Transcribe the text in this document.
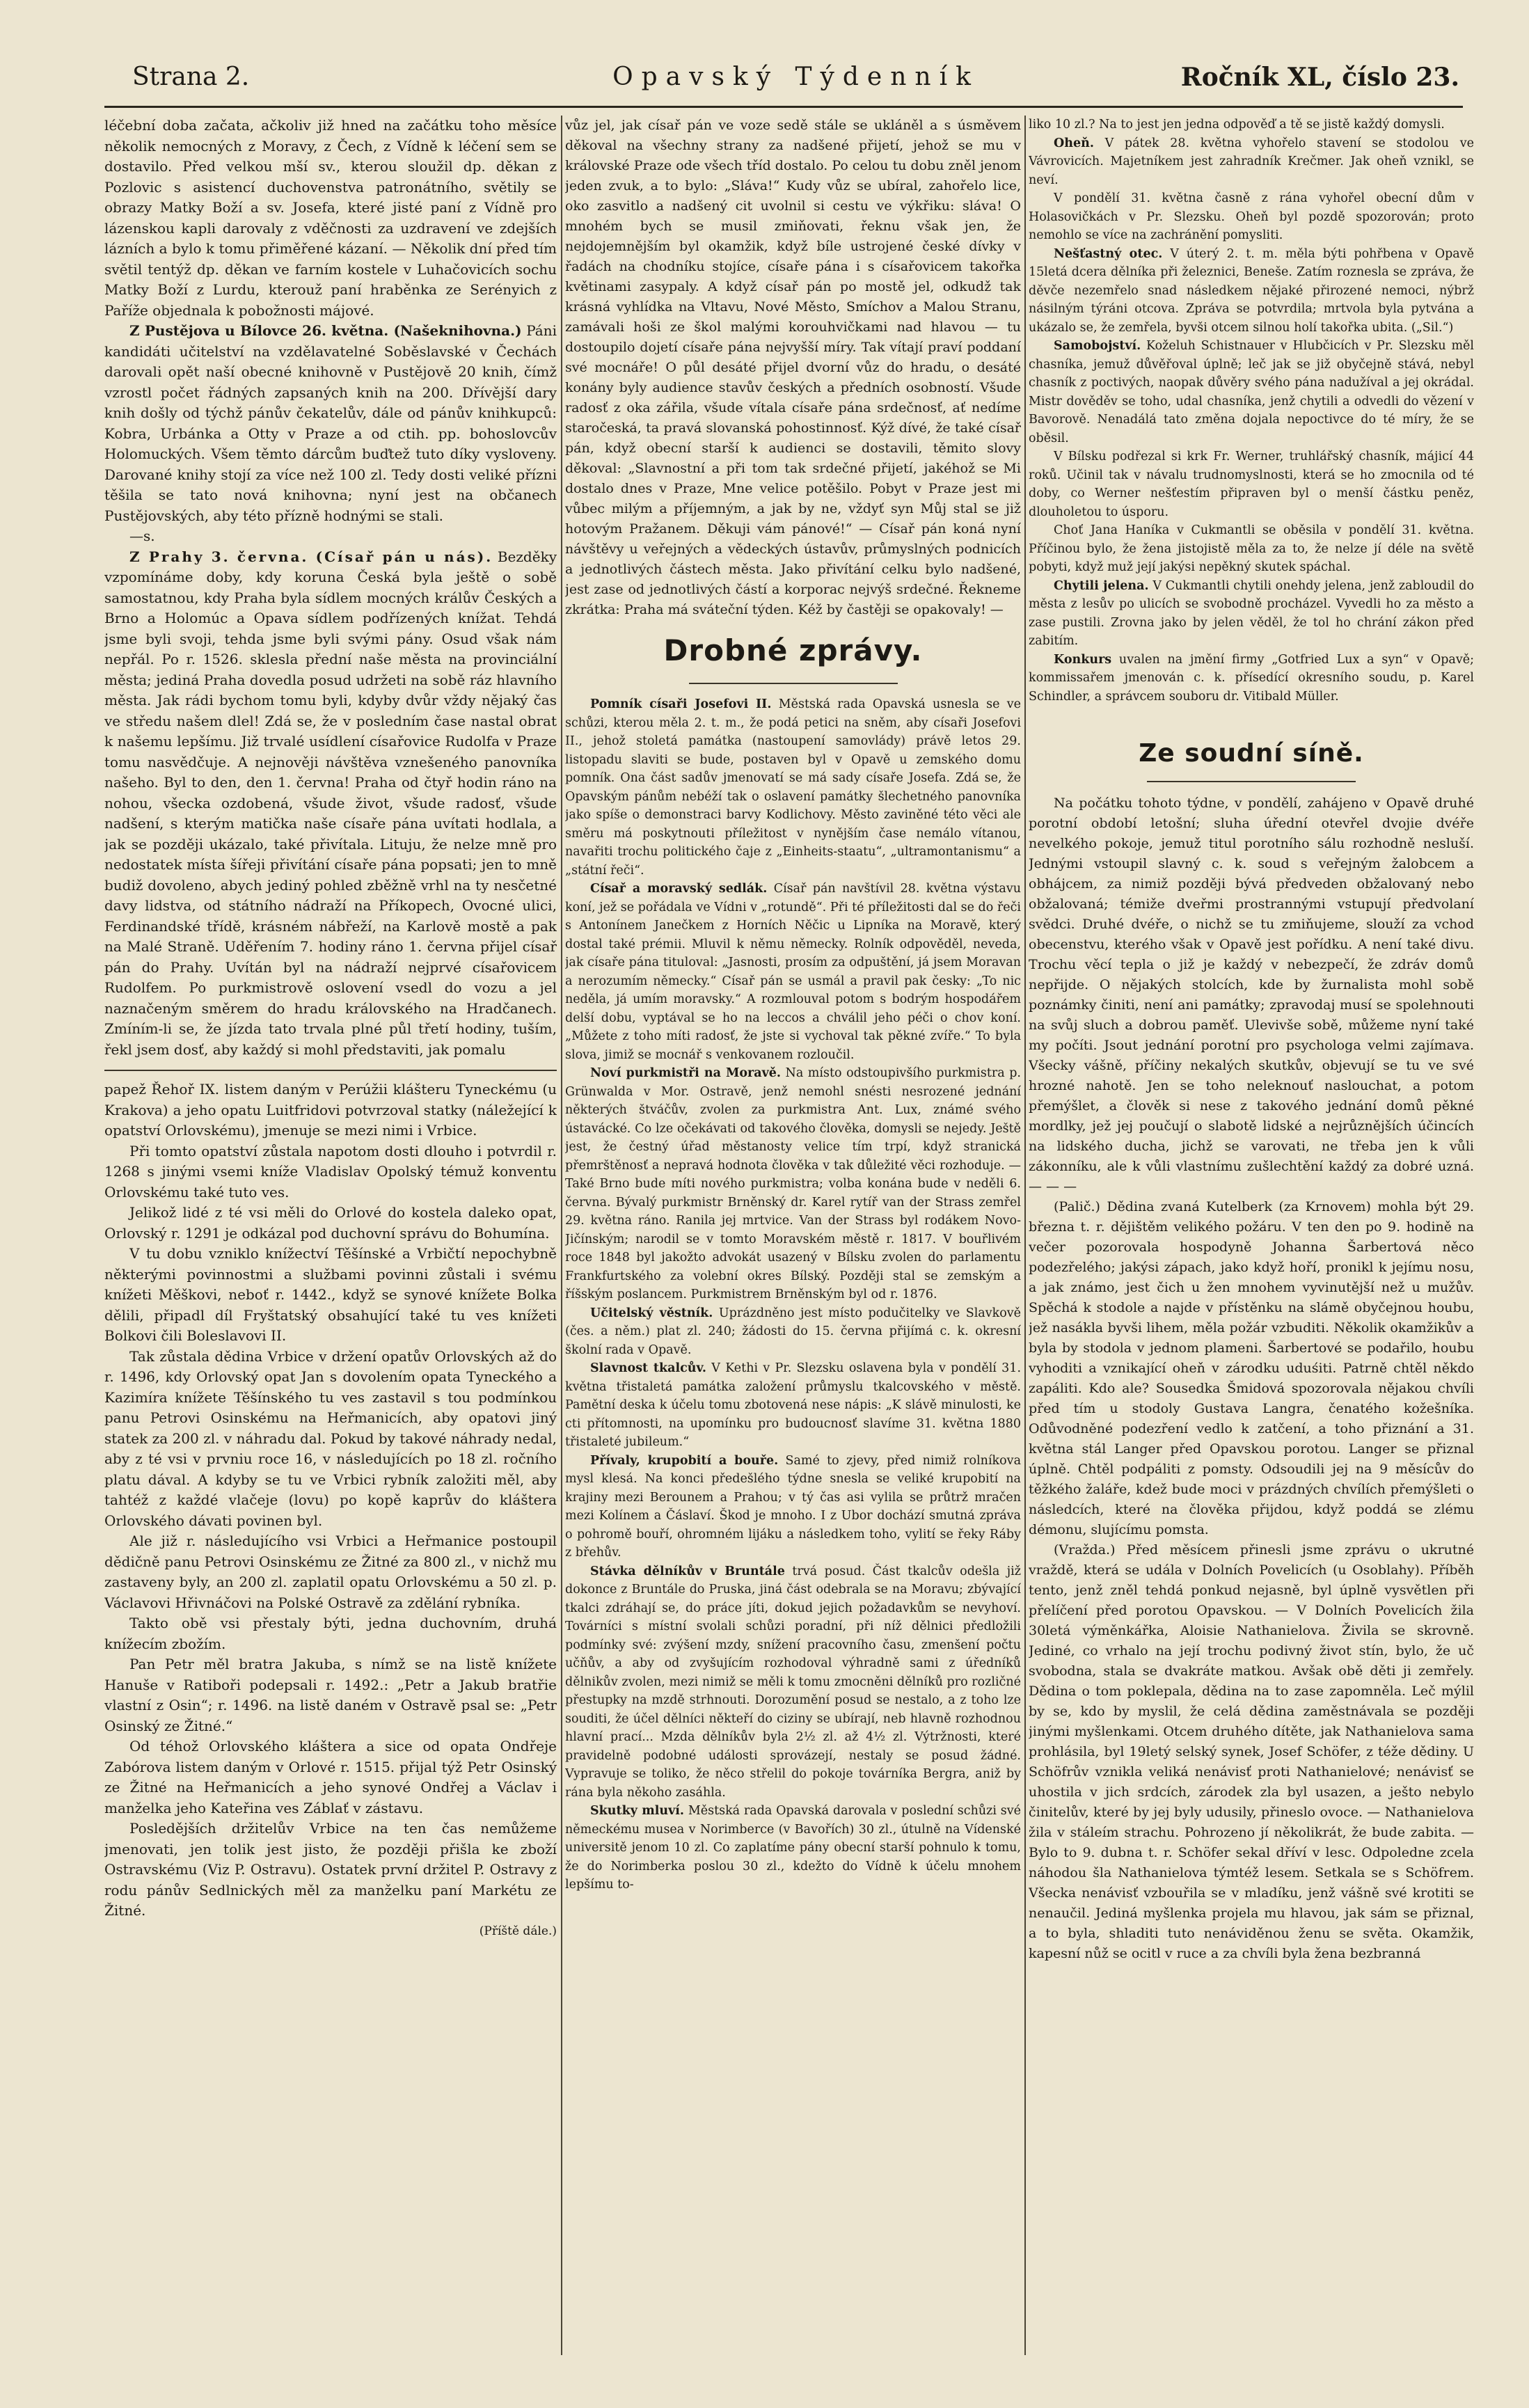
Strana 2.	Opavský Týdenník	Ročník XL, číslo 23.

léčební doba začata, ačkoliv již hned na začátku toho měsíce několik nemocných z Moravy, z Čech, z Vídně k léčení sem se dostavilo. Před velkou mší sv., kterou sloužil dp. děkan z Pozlovic s asistencí duchovenstva patronátního, světily se obrazy Matky Boží a sv. Josefa, které jisté paní z Vídně pro lázenskou kapli darovaly z vděčnosti za uzdravení ve zdejších lázních a bylo k tomu přiměřené kázaní. — Několik dní před tím světil tentýž dp. děkan ve farním kostele v Luhačovicích sochu Matky Boží z Lurdu, kterouž paní hraběnka ze Serényich z Paříže objednala k pobožnosti májové.

Z Pustějova u Bílovce 26. května. (Našeknihovna.) Páni kandidáti učitelství na vzdělavatelné Soběslavské v Čechách darovali opět naší obecné knihovně v Pustějově 20 knih, čímž vzrostl počet řádných zapsaných knih na 200. Dřívější dary knih došly od týchž pánův čekatelův, dále od pánův knihkupců: Kobra, Urbánka a Otty v Praze a od ctih. pp. bohoslovcův Holomuckých. Všem těmto dárcům buďtež tuto díky vysloveny. Darované knihy stojí za více než 100 zl. Tedy dosti veliké přízni těšila se tato nová knihovna; nyní jest na občanech Pustějovských, aby této přízně hodnými se stali.

—s.

Z Prahy 3. června. (Císař pán u nás). Bezděky vzpomínáme doby, kdy koruna Česká byla ještě o sobě samostatnou, kdy Praha byla sídlem mocných králův Českých a Brno a Holomúc a Opava sídlem podřízených knížat. Tehdá jsme byli svoji, tehda jsme byli svými pány. Osud však nám nepřál. Po r. 1526. sklesla přední naše města na provinciální města; jediná Praha dovedla posud udržeti na sobě ráz hlavního města. Jak rádi bychom tomu byli, kdyby dvůr vždy nějaký čas ve středu našem dlel! Zdá se, že v posledním čase nastal obrat k našemu lepšímu. Již trvalé usídlení císařovice Rudolfa v Praze tomu nasvědčuje. A nejnověji návštěva vznešeného panovníka našeho. Byl to den, den 1. června! Praha od čtyř hodin ráno na nohou, všecka ozdobená, všude život, všude radosť, všude nadšení, s kterým matička naše císaře pána uvítati hodlala, a jak se později ukázalo, také přivítala. Lituju, že nelze mně pro nedostatek místa šířeji přivítání císaře pána popsati; jen to mně budiž dovoleno, abych jediný pohled zběžně vrhl na ty nesčetné davy lidstva, od státního nádraží na Příkopech, Ovocné ulici, Ferdinandské třídě, krásném nábřeží, na Karlově mostě a pak na Malé Straně. Uděřením 7. hodiny ráno 1. června přijel císař pán do Prahy. Uvítán byl na nádraží nejprvé císařovicem Rudolfem. Po purkmistrově oslovení vsedl do vozu a jel naznačeným směrem do hradu královského na Hradčanech. Zmíním-li se, že jízda tato trvala plné půl třetí hodiny, tuším, řekl jsem dosť, aby každý si mohl představiti, jak pomalu

papež Řehoř IX. listem daným v Perúžii klášteru Tyneckému (u Krakova) a jeho opatu Luitfridovi potvrzoval statky (náležející k opatství Orlovskému), jmenuje se mezi nimi i Vrbice.

Při tomto opatství zůstala napotom dosti dlouho i potvrdil r. 1268 s jinými vsemi kníže Vladislav Opolský témuž konventu Orlovskému také tuto ves.

Jelikož lidé z té vsi měli do Orlové do kostela daleko opat, Orlovský r. 1291 je odkázal pod duchovní správu do Bohumína.

V tu dobu vzniklo knížectví Těšínské a Vrbičtí nepochybně některými povinnostmi a službami povinni zůstali i svému knížeti Měškovi, neboť r. 1442., když se synové knížete Bolka dělili, připadl díl Fryštatský obsahující také tu ves knížeti Bolkovi čili Boleslavovi II.

Tak zůstala dědina Vrbice v držení opatův Orlovských až do r. 1496, kdy Orlovský opat Jan s dovolením opata Tyneckého a Kazimíra knížete Těšínského tu ves zastavil s tou podmínkou panu Petrovi Osinskému na Heřmanicích, aby opatovi jiný statek za 200 zl. v náhradu dal. Pokud by takové náhrady nedal, aby z té vsi v prvniu roce 16, v následujících po 18 zl. ročního platu dával. A kdyby se tu ve Vrbici rybník založiti měl, aby tahtéž z každé vlačeje (lovu) po kopě kaprův do kláštera Orlovského dávati povinen byl.

Ale již r. následujícího vsi Vrbici a Heřmanice postoupil dědičně panu Petrovi Osinskému ze Žitné za 800 zl., v nichž mu zastaveny byly, an 200 zl. zaplatil opatu Orlovskému a 50 zl. p. Václavovi Hřivnáčovi na Polské Ostravě za zdělání rybníka.

Takto obě vsi přestaly býti, jedna duchovním, druhá knížecím zbožím.

Pan Petr měl bratra Jakuba, s nímž se na listě knížete Hanuše v Ratiboři podepsali r. 1492.: „Petr a Jakub bratřie vlastní z Osin“; r. 1496. na listě daném v Ostravě psal se: „Petr Osinský ze Žitné.“

Od téhož Orlovského kláštera a sice od opata Ondřeje Zabórova listem daným v Orlové r. 1515. přijal týž Petr Osinský ze Žitné na Heřmanicích a jeho synové Ondřej a Václav i manželka jeho Kateřina ves Záblať v zástavu.

Posledějších držitelův Vrbice na ten čas nemůžeme jmenovati, jen tolik jest jisto, že později přišla ke zboží Ostravskému (Viz P. Ostravu). Ostatek první držitel P. Ostravy z rodu pánův Sedlnických měl za manželku paní Markétu ze Žitné.

(Příště dále.)

vůz jel, jak císař pán ve voze sedě stále se ukláněl a s úsměvem děkoval na všechny strany za nadšené přijetí, jehož se mu v královské Praze ode všech tříd dostalo. Po celou tu dobu zněl jenom jeden zvuk, a to bylo: „Sláva!“ Kudy vůz se ubíral, zahořelo lice, oko zasvitlo a nadšený cit uvolnil si cestu ve výkřiku: sláva! O mnohém bych se musil zmiňovati, řeknu však jen, že nejdojemnějším byl okamžik, když bíle ustrojené české dívky v řadách na chodníku stojíce, císaře pána i s císařovicem takořka květinami zasypaly. A když císař pán po mostě jel, odkudž tak krásná vyhlídka na Vltavu, Nové Město, Smíchov a Malou Stranu, zamávali hoši ze škol malými korouhvičkami nad hlavou — tu dostoupilo dojetí císaře pána nejvyšší míry. Tak vítají praví poddaní své mocnáře! O půl desáté přijel dvorní vůz do hradu, o desáté konány byly audience stavův českých a předních osobností. Všude radosť z oka zářila, všude vítala císaře pána srdečnosť, ať nedíme staročeská, ta pravá slovanská pohostinnosť. Kýž dívé, že také císař pán, když obecní starší k audienci se dostavili, těmito slovy děkoval: „Slavnostní a při tom tak srdečné přijetí, jakéhož se Mi dostalo dnes v Praze, Mne velice potěšilo. Pobyt v Praze jest mi vůbec milým a příjemným, a jak by ne, vždyť syn Můj stal se již hotovým Pražanem. Děkuji vám pánové!“ — Císař pán koná nyní návštěvy u veřejných a vědeckých ústavův, průmyslných podnicích a jednotlivých částech města. Jako přivítání celku bylo nadšené, jest zase od jednotlivých částí a korporac nejvýš srdečné. Řekneme zkrátka: Praha má sváteční týden. Kéž by častěji se opakovaly! —

Drobné zprávy.

Pomník císaři Josefovi II. Městská rada Opavská usnesla se ve schůzi, kterou měla 2. t. m., že podá petici na sněm, aby císaři Josefovi II., jehož stoletá památka (nastoupení samovlády) právě letos 29. listopadu slaviti se bude, postaven byl v Opavě u zemského domu pomník. Ona část sadův jmenovatí se má sady císaře Josefa. Zdá se, že Opavským pánům nebéží tak o oslavení památky šlechetného panovníka jako spíše o demonstraci barvy Kodlichovy. Město zaviněné této věci ale směru má poskytnouti příležitost v nynějším čase nemálo vítanou, navařiti trochu politického čaje z „Einheits-staatu“, „ultramontanismu“ a „státní řeči“.

Císař a moravský sedlák. Císař pán navštívil 28. května výstavu koní, jež se pořádala ve Vídni v „rotundě“. Při té příležitosti dal se do řeči s Antonínem Janečkem z Horních Něčic u Lipníka na Moravě, který dostal také prémii. Mluvil k němu německy. Rolník odpověděl, neveda, jak císaře pána tituloval: „Jasnosti, prosím za odpuštění, já jsem Moravan a nerozumím německy.“ Císař pán se usmál a pravil pak česky: „To nic neděla, já umím moravsky.“ A rozmlouval potom s bodrým hospodářem delší dobu, vyptával se ho na leccos a chválil jeho péči o chov koní. „Můžete z toho míti radosť, že jste si vychoval tak pěkné zvíře.“ To byla slova, jimiž se mocnář s venkovanem rozloučil.

Noví purkmistři na Moravě. Na místo odstoupivšího purkmistra p. Grünwalda v Mor. Ostravě, jenž nemohl snésti nesrozené jednání některých štváčův, zvolen za purkmistra Ant. Lux, známé svého ústavácké. Co lze očekávati od takového člověka, domysli se nejedy. Ještě jest, že čestný úřad městanosty velice tím trpí, když stranická přemrštěnosť a nepravá hodnota člověka v tak důležité věci rozhoduje. — Také Brno bude míti nového purkmistra; volba konána bude v neděli 6. června. Bývalý purkmistr Brněnský dr. Karel rytíř van der Strass zemřel 29. května ráno. Ranila jej mrtvice. Van der Strass byl rodákem Novo-Jičínským; narodil se v tomto Moravském městě r. 1817. V bouřlivém roce 1848 byl jakožto advokát usazený v Bílsku zvolen do parlamentu Frankfurtského za volební okres Bílský. Později stal se zemským a říšským poslancem. Purkmistrem Brněnským byl od r. 1876.

Učitelský věstník. Uprázdněno jest místo podučitelky ve Slavkově (čes. a něm.) plat zl. 240; žádosti do 15. června přijímá c. k. okresní školní rada v Opavě.

Slavnost tkalcův. V Kethi v Pr. Slezsku oslavena byla v pondělí 31. května třistaletá památka založení průmyslu tkalcovského v městě. Pamětní deska k účelu tomu zbotovená nese nápis: „K slávě minulosti, ke cti přítomnosti, na upomínku pro budoucnosť slavíme 31. května 1880 třistaleté jubileum.“

Přívaly, krupobití a bouře. Samé to zjevy, před nimiž rolníkova mysl klesá. Na konci předešlého týdne snesla se veliké krupobití na krajiny mezi Berounem a Prahou; v tý čas asi vylila se průtrž mračen mezi Kolínem a Čáslaví. Škod je mnoho. I z Ubor dochází smutná zpráva o pohromě bouří, ohromném lijáku a následkem toho, vylití se řeky Ráby z břehův.

Stávka dělníkův v Bruntále trvá posud. Část tkalcův odešla již dokonce z Bruntále do Pruska, jiná část odebrala se na Moravu; zbývající tkalci zdráhají se, do práce jíti, dokud jejich požadavkům se nevyhoví. Továrníci s místní svolali schůzi poradní, při níž dělnici předložili podmínky své: zvýšení mzdy, snížení pracovního času, zmenšení počtu učňův, a aby od zvyšujícím rozhodoval výhradně sami z úředníků dělnikův zvolen, mezi nimiž se měli k tomu zmocněni dělníků pro rozličné přestupky na mzdě strhnouti. Dorozumění posud se nestalo, a z toho lze souditi, že účel dělníci někteří do ciziny se ubírají, neb hlavně rozhodnou hlavní prací... Mzda dělníkův byla 2½ zl. až 4½ zl. Výtržnosti, které pravidelně podobné události sprovázejí, nestaly se posud žádné. Vypravuje se toliko, že něco střelil do pokoje továrníka Bergra, aniž by rána byla někoho zasáhla.

Skutky mluví. Městská rada Opavská darovala v poslední schůzi své německému musea v Norimberce (v Bavořích) 30 zl., útulně na Vídenské universitě jenom 10 zl. Co zaplatíme pány obecní starší pohnulo k tomu, že do Norimberka poslou 30 zl., kdežto do Vídně k účelu mnohem lepšímu to-

liko 10 zl.? Na to jest jen jedna odpověď a tě se jistě každý domysli.

Oheň. V pátek 28. května vyhořelo stavení se stodolou ve Vávrovicích. Majetníkem jest zahradník Krečmer. Jak oheň vznikl, se neví.

V pondělí 31. května časně z rána vyhořel obecní dům v Holasovičkách v Pr. Slezsku. Oheň byl pozdě spozorován; proto nemohlo se více na zachránění pomysliti.

Nešťastný otec. V úterý 2. t. m. měla býti pohřbena v Opavě 15letá dcera dělníka při železnici, Beneše. Zatím roznesla se zpráva, že děvče nezemřelo snad následkem nějaké přirozené nemoci, nýbrž násilným týráni otcova. Zpráva se potvrdila; mrtvola byla pytvána a ukázalo se, že zemřela, byvši otcem silnou holí takořka ubita. („Sil.“)

Samobojství. Koželuh Schistnauer v Hlubčicích v Pr. Slezsku měl chasníka, jemuž důvěřoval úplně; leč jak se již obyčejně stává, nebyl chasník z poctivých, naopak důvěry svého pána nadužíval a jej okrádal. Mistr dověděv se toho, udal chasníka, jenž chytili a odvedli do vězení v Bavorově. Nenadálá tato změna dojala nepoctivce do té míry, že se oběsil.

V Bílsku podřezal si krk Fr. Werner, truhlářský chasník, májicí 44 roků. Učinil tak v návalu trudnomyslnosti, která se ho zmocnila od té doby, co Werner nešťestím připraven byl o menší částku peněz, dlouholetou to úsporu.

Choť Jana Haníka v Cukmantli se oběsila v pondělí 31. května. Příčinou bylo, že žena jistojistě měla za to, že nelze jí déle na světě pobyti, když muž její jakýsi nepěkný skutek spáchal.

Chytili jelena. V Cukmantli chytili onehdy jelena, jenž zabloudil do města z lesův po ulicích se svobodně procházel. Vyvedli ho za město a zase pustili. Zrovna jako by jelen věděl, že tol ho chrání zákon před zabitím.

Konkurs uvalen na jmění firmy „Gotfried Lux a syn“ v Opavě; kommissařem jmenován c. k. přísedící okresního soudu, p. Karel Schindler, a správcem souboru dr. Vitibald Müller.

Ze soudní síně.

Na počátku tohoto týdne, v pondělí, zahájeno v Opavě druhé porotní období letošní; sluha úřední otevřel dvojie dvéře nevelkého pokoje, jemuž titul porotního sálu rozhodně nesluší. Jednými vstoupil slavný c. k. soud s veřejným žalobcem a obhájcem, za nimiž později bývá předveden obžalovaný nebo obžalovaná; témiže dveřmi prostrannými vstupují předvolaní svědci. Druhé dvéře, o nichž se tu zmiňujeme, slouží za vchod obecenstvu, kterého však v Opavě jest pořídku. A není také divu. Trochu věcí tepla o již je každý v nebezpečí, že zdráv domů nepřijde. O nějakých stolcích, kde by žurnalista mohl sobě poznámky činiti, není ani památky; zpravodaj musí se spolehnouti na svůj sluch a dobrou paměť. Ulevivše sobě, můžeme nyní také my počíti. Jsout jednání porotní pro psychologa velmi zajímava. Všecky vášně, příčiny nekalých skutkův, objevují se tu ve své hrozné nahotě. Jen se toho neleknouť naslouchat, a potom přemýšlet, a člověk si nese z takového jednání domů pěkné mordlky, jež jej poučují o slabotě lidské a nejrůznějších účincích na lidského ducha, jichž se varovati, ne třeba jen k vůli zákonníku, ale k vůli vlastnímu zušlechtění každý za dobré uzná. — — —

(Palič.) Dědina zvaná Kutelberk (za Krnovem) mohla být 29. března t. r. dějištěm velikého požáru. V ten den po 9. hodině na večer pozorovala hospodyně Johanna Šarbertová něco podezřelého; jakýsi zápach, jako když hoří, pronikl k jejímu nosu, a jak známo, jest čich u žen mnohem vyvinutější než u mužův. Spěchá k stodole a najde v přístěnku na slámě obyčejnou houbu, jež nasákla byvši lihem, měla požár vzbuditi. Několik okamžikův a byla by stodola v jednom plameni. Šarbertové se podařilo, houbu vyhoditi a vznikající oheň v zárodku uduśiti. Patrně chtěl někdo zapáliti. Kdo ale? Sousedka Šmidová spozorovala nějakou chvíli před tím u stodoly Gustava Langra, čenatého kožešníka. Odůvodněné podezření vedlo k zatčení, a toho přiznání a 31. května stál Langer před Opavskou porotou. Langer se přiznal úplně. Chtěl podpáliti z pomsty. Odsoudili jej na 9 měsícův do těžkého žaláře, kdež bude moci v prázdných chvílích přemýšleti o následcích, které na člověka přijdou, když poddá se zlému démonu, slujícímu pomsta.

(Vražda.) Před měsícem přinesli jsme zprávu o ukrutné vraždě, která se udála v Dolních Povelicích (u Osoblahy). Příběh tento, jenž zněl tehdá ponkud nejasně, byl úplně vysvětlen při přelíčení před porotou Opavskou. — V Dolních Povelicích žila 30letá výměnkářka, Aloisie Nathanielova. Živila se skrovně. Jediné, co vrhalo na její trochu podivný život stín, bylo, že uč svobodna, stala se dvakráte matkou. Avšak obě děti ji zemřely. Dědina o tom poklepala, dědina na to zase zapomněla. Leč mýlil by se, kdo by myslil, že celá dědina zaměstnávala se později jinými myšlenkami. Otcem druhého dítěte, jak Nathanielova sama prohlásila, byl 19letý selský synek, Josef Schöfer, z téže dědiny. U Schöfrův vznikla veliká nenávisť proti Nathanielové; nenávisť se uhostila v jich srdcích, zárodek zla byl usazen, a ješto nebylo činitelův, které by jej byly udusily, přineslo ovoce. — Nathanielova žila v stáleím strachu. Pohrozeno jí několikrát, že bude zabita. — Bylo to 9. dubna t. r. Schöfer sekal dříví v lesc. Odpoledne zcela náhodou šla Nathanielova týmtéž lesem. Setkala se s Schöfrem. Všecka nenávisť vzbouřila se v mladíku, jenž vášně své krotiti se nenaučil. Jediná myšlenka projela mu hlavou, jak sám se přiznal, a to byla, shladiti tuto nenáviděnou ženu se světa. Okamžik, kapesní nůž se ocitl v ruce a za chvíli byla žena bezbranná
